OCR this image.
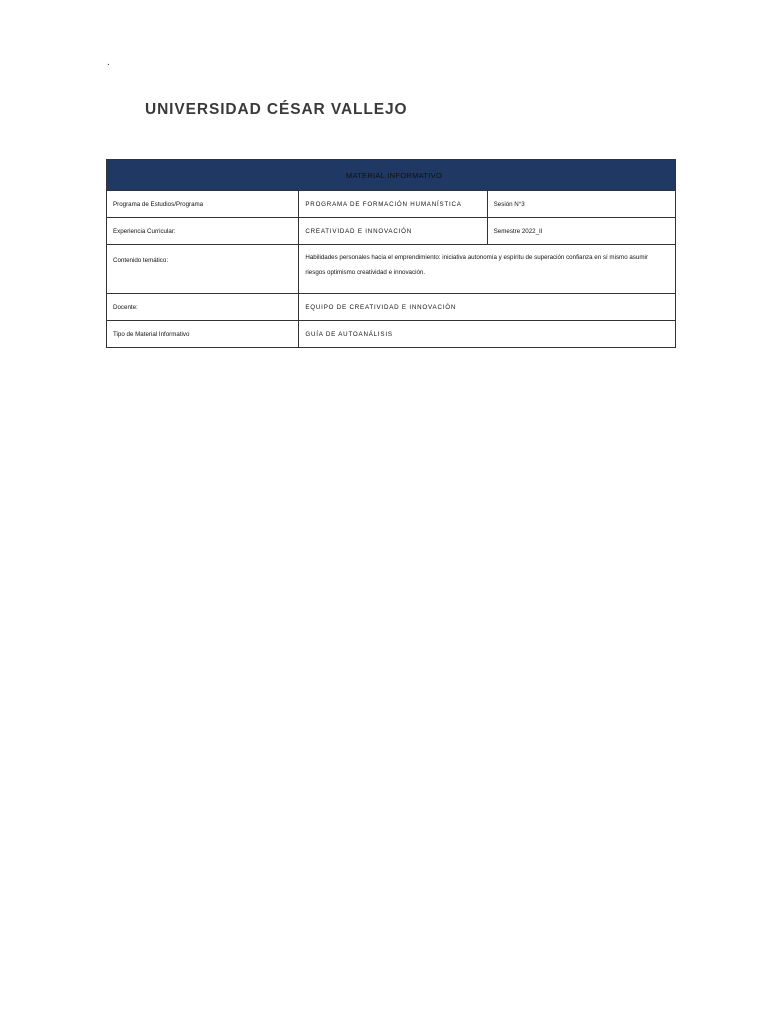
.
UNIVERSIDAD CÉSAR VALLEJO
MATERIAL INFORMATIVO		
Programa de Estudios/Programa	PROGRAMA DE FORMACIÓN HUMANÍSTICA	Sesión N°3
Experiencia Curricular:	CREATIVIDAD E INNOVACIÓN	Semestre 2022_II
Contenido temático:	Habilidades personales hacia el emprendimiento: iniciativa autonomía y espíritu de superación confianza en sí mismo asumir riesgos optimismo creatividad e innovación.	
Docente:	EQUIPO DE CREATIVIDAD E INNOVACIÓN	
Tipo de Material Informativo	GUÍA DE AUTOANÁLISIS	
